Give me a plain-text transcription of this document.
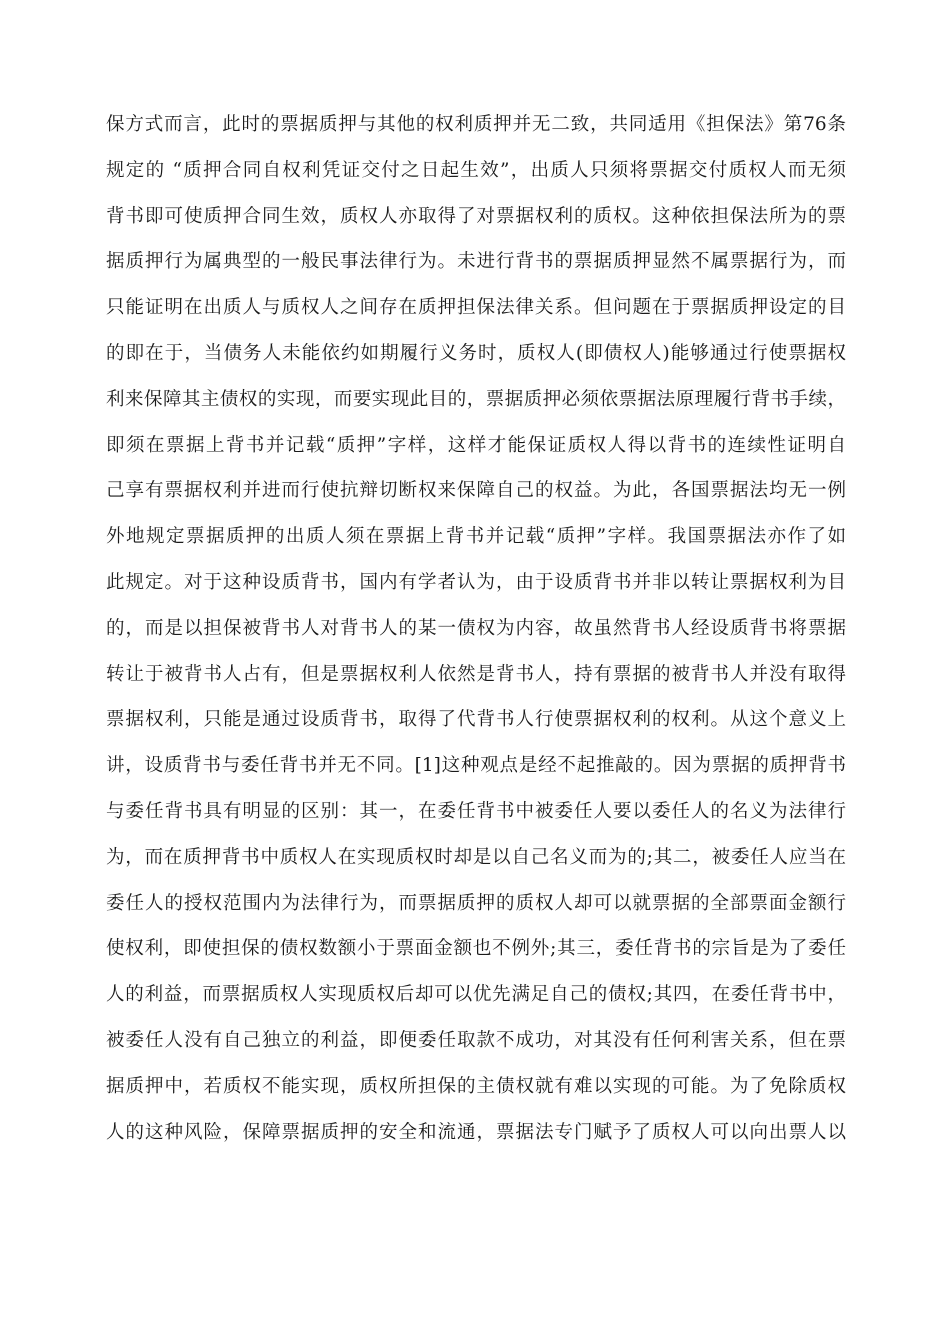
保方式而言，此时的票据质押与其他的权利质押并无二致，共同适用《担保法》第76条
规定的 “质押合同自权利凭证交付之日起生效”，出质人只须将票据交付质权人而无须
背书即可使质押合同生效，质权人亦取得了对票据权利的质权。这种依担保法所为的票
据质押行为属典型的一般民事法律行为。未进行背书的票据质押显然不属票据行为，而
只能证明在出质人与质权人之间存在质押担保法律关系。但问题在于票据质押设定的目
的即在于，当债务人未能依约如期履行义务时，质权人(即债权人)能够通过行使票据权
利来保障其主债权的实现，而要实现此目的，票据质押必须依票据法原理履行背书手续，
即须在票据上背书并记载“质押”字样，这样才能保证质权人得以背书的连续性证明自
己享有票据权利并进而行使抗辩切断权来保障自己的权益。为此，各国票据法均无一例
外地规定票据质押的出质人须在票据上背书并记载“质押”字样。我国票据法亦作了如
此规定。对于这种设质背书，国内有学者认为，由于设质背书并非以转让票据权利为目
的，而是以担保被背书人对背书人的某一债权为内容，故虽然背书人经设质背书将票据
转让于被背书人占有，但是票据权利人依然是背书人，持有票据的被背书人并没有取得
票据权利，只能是通过设质背书，取得了代背书人行使票据权利的权利。从这个意义上
讲，设质背书与委任背书并无不同。[1]这种观点是经不起推敲的。因为票据的质押背书
与委任背书具有明显的区别：其一，在委任背书中被委任人要以委任人的名义为法律行
为，而在质押背书中质权人在实现质权时却是以自己名义而为的;其二，被委任人应当在
委任人的授权范围内为法律行为，而票据质押的质权人却可以就票据的全部票面金额行
使权利，即使担保的债权数额小于票面金额也不例外;其三，委任背书的宗旨是为了委任
人的利益，而票据质权人实现质权后却可以优先满足自己的债权;其四，在委任背书中，
被委任人没有自己独立的利益，即便委任取款不成功，对其没有任何利害关系，但在票
据质押中，若质权不能实现，质权所担保的主债权就有难以实现的可能。为了免除质权
人的这种风险，保障票据质押的安全和流通，票据法专门赋予了质权人可以向出票人以
